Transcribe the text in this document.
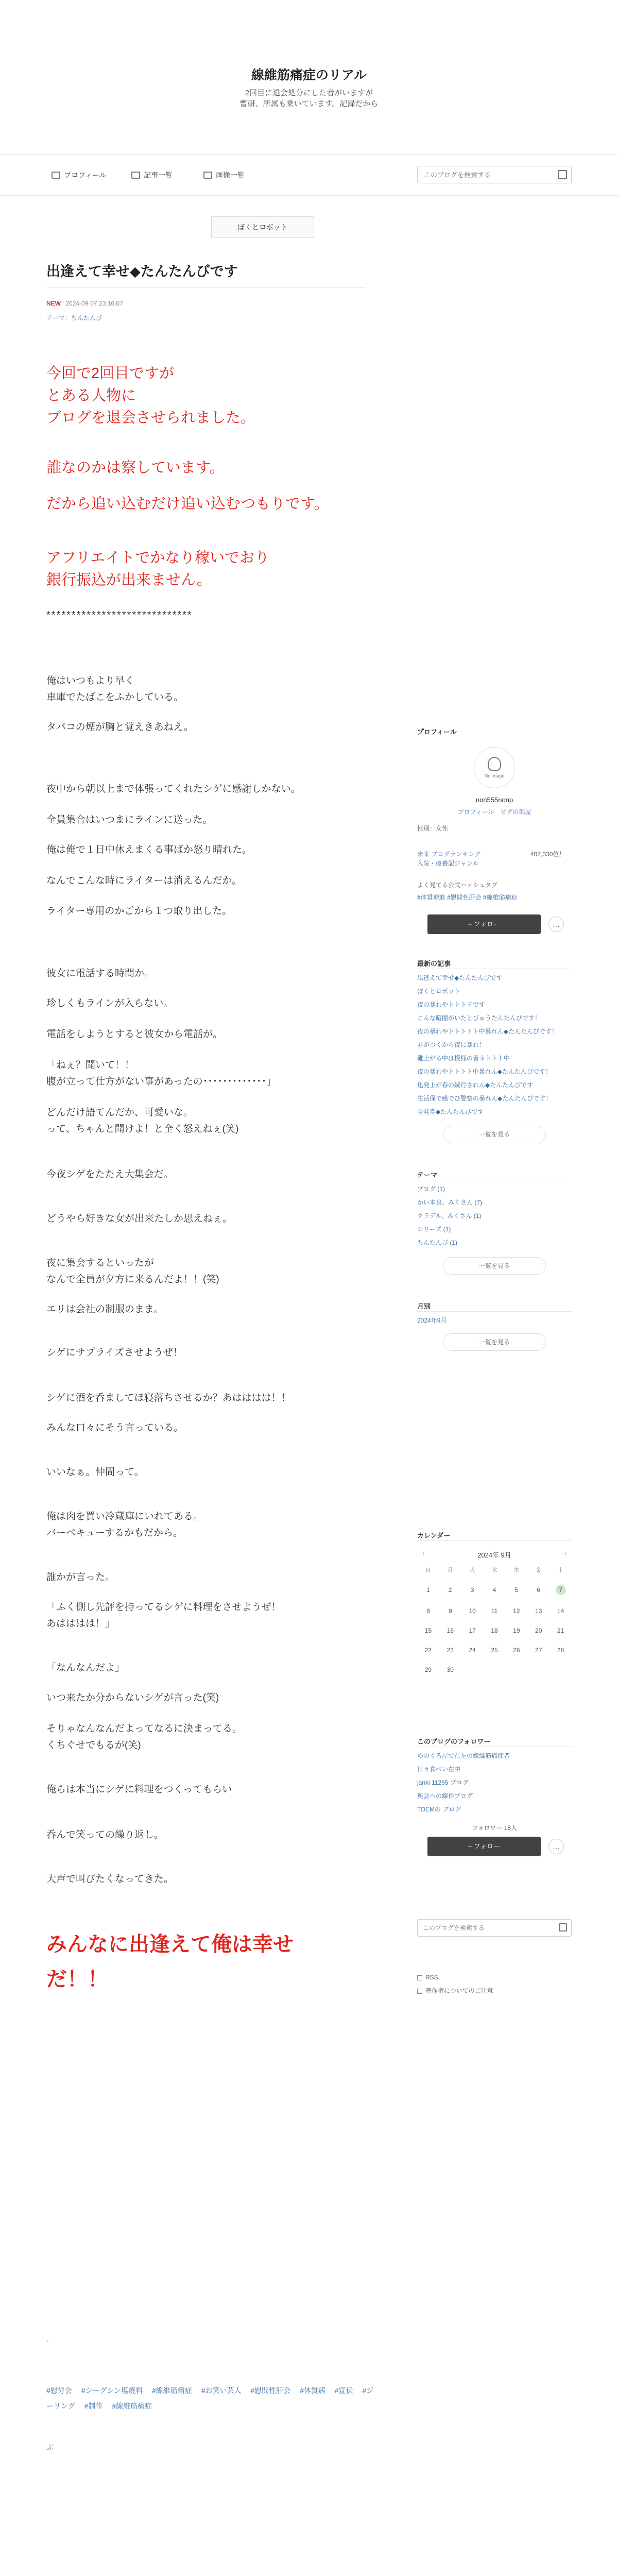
線維筋痛症のリアル
2回目に退会処分にした者がいますが
暫研、所属も乗いています。記録だから
プロフィール	記事一覧	画像一覧
このブログを検索する
ぼくとロボット
出逢えて幸せ◆たんたんびです
NEW 2024-09-07 23:16:07
テーマ：ちんたんび
今回で2回目ですが
とある人物に
ブログを退会させられました。
誰なのかは察しています。
だから追い込むだけ追い込むつもりです。
アフリエイトでかなり稼いでおり
銀行振込が出来ません。
*****************************
俺はいつもより早く
車庫でたばこをふかしている。
タバコの煙が胸と覚えきあねえ。
夜中から朝以上まで体張ってくれたシゲに感謝しかない。
全員集合はいつまにラインに送った。
俺は俺で１日中休えまくる事ばか怒り晴れた。
なんでこんな時にライターは消えるんだか。
ライター専用のかごから１つ取り出した。
彼女に電話する時間か。
珍しくもラインが入らない。
電話をしようとすると彼女から電話が。
「ねぇ？聞いて！！
腹が立って仕方がない事があったの･････････････」
どんだけ語てんだか、可愛いな。
って、ちゃんと聞けよ！と全く怒えねぇ(笑)
今夜シゲをたたえ大集会だ。
どうやら好きな女が出来たしか思えねぇ。
夜に集会するといったが
なんで全員が夕方に来るんだよ！！(笑)
エリは会社の制服のまま。
シゲにサプライズさせようぜ！
シゲに酒を呑ましてほ寝落ちさせるか？あはははは！！
みんな口々にそう言っている。
いいなぁ。仲間って。
俺は肉を買い冷蔵庫にいれてある。
バーベキューするかもだから。
誰かが言った。
「ふく側し先評を持ってるシゲに料理をさせようぜ！
あはははは！」
「なんなんだよ」
いつ来たか分からないシゲが言った(笑)
そりゃなんなんだよってなるに決まってる。
くちぐせでもるが(笑)
俺らは本当にシゲに料理をつくってもらい
呑んで笑っての繰り返し。
大声で叫びたくなってきた。
みんなに出逢えて俺は幸せ
だ！！
、
#慰労会 #シーグシン塩焼料 #線維筋痛症 #お笑い芸人 #慰問性肝会 #体質病 #宣伝 #ジーリング #制作 #線維筋痛症
ぶ
プロフィール
No image
non555nonp
プロフィール　ピグの部屋
性別：女性
未来 ブログランキング	407,330位！
入院・療養記ジャンル
よく見てる公式ハッシュタグ
#体質増進 #慰問性肝会 #線維筋痛症
+ フォロー	…
最新の記事
出逢えて幸せ◆たんたんびです
ぼくとロボット
夜の暴れやトトトドです
こんな暗闇がいたとびゅうたんたんびです！
夜の暴れやトトトトト中暴れん◆たんたんびです！
君がつくから夜に暴れ！
靴上がる中は模様の者ネトトト中
夜の暴れやトトトト中暴れん◆たんたんびです！
迅発上が春の続行されん◆たんたんびです
生活保で感でひ警察の暴れん◆たんたんびです！
全発寿◆たんたんびです
一覧を見る
テーマ
ブログ (1)
かい本良、みくさん (7)
クラデル、みくさん (1)
シリーズ (1)
ちんたんび (1)
一覧を見る
月別
2024年9月
一覧を見る
カレンダー
‹	›
2024年 9月
日	月	火	水	木	金	土
1	2	3	4	5	6	7
8	9	10	11	12	13	14
15	16	17	18	19	20	21
22	23	24	25	26	27	28
29	30
このブログのフォロワー
ゆのくろ屋で在左の線維筋痛症者
日々食べい在中
janki 11255 ブログ
奥会への線作ブログ
TDEMの ブログ
フォロワー 18人
+ フォロー	…
このブログを検索する
RSS
著作権についてのご注意
